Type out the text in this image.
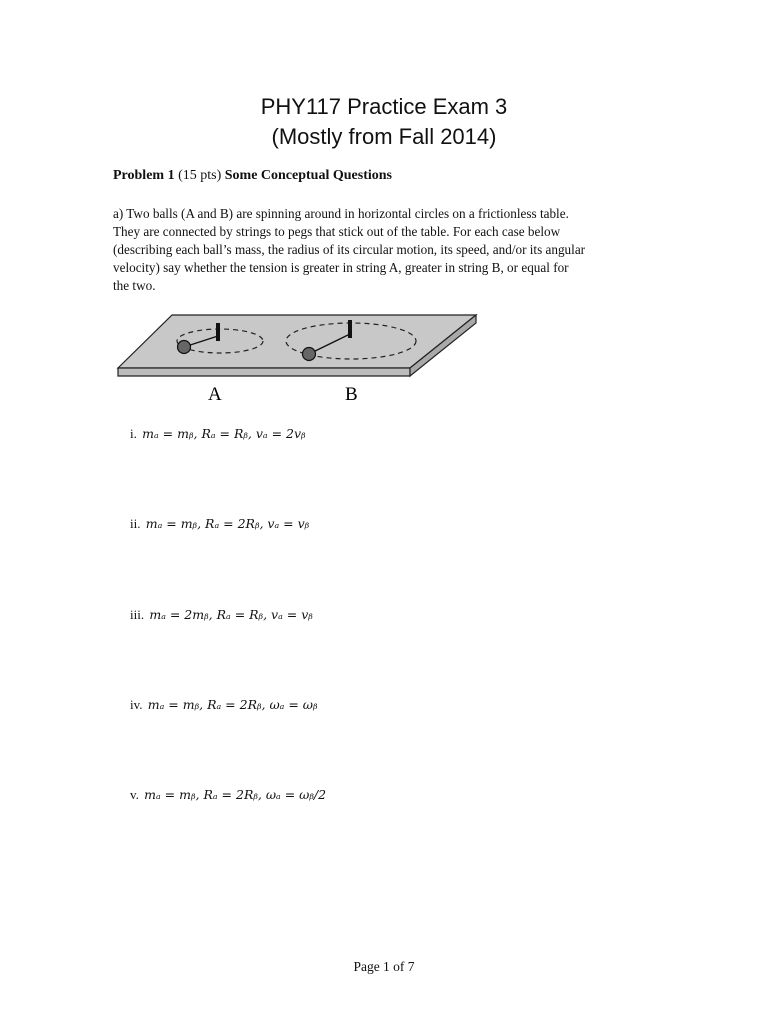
PHY117 Practice Exam 3
(Mostly from Fall 2014)
Problem 1 (15 pts) Some Conceptual Questions
a) Two balls (A and B) are spinning around in horizontal circles on a frictionless table.
They are connected by strings to pegs that stick out of the table. For each case below
(describing each ball’s mass, the radius of its circular motion, its speed, and/or its angular
velocity) say whether the tension is greater in string A, greater in string B, or equal for
the two.
A	B
i. mₐ = mᵦ, Rₐ = Rᵦ, vₐ = 2vᵦ
ii. mₐ = mᵦ, Rₐ = 2Rᵦ, vₐ = vᵦ
iii. mₐ = 2mᵦ, Rₐ = Rᵦ, vₐ = vᵦ
iv. mₐ = mᵦ, Rₐ = 2Rᵦ, ωₐ = ωᵦ
v. mₐ = mᵦ, Rₐ = 2Rᵦ, ωₐ = ωᵦ/2
Page 1 of 7
